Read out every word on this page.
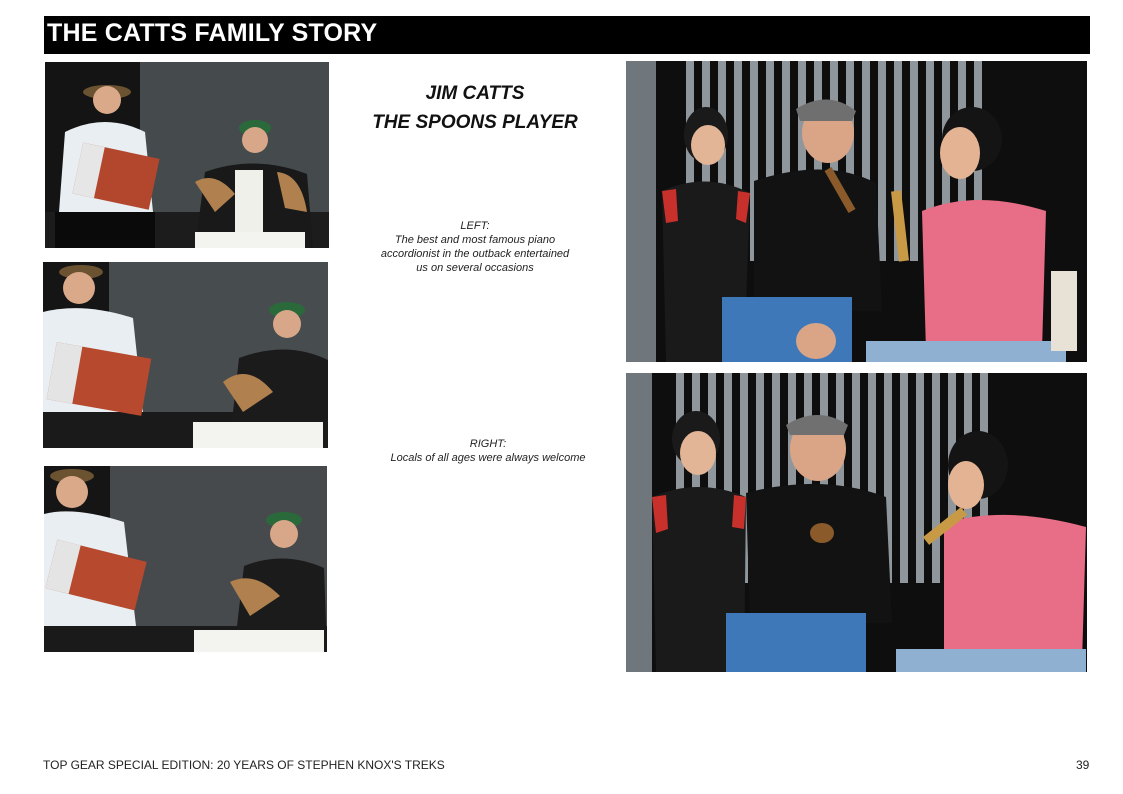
THE CATTS FAMILY STORY
JIM CATTS
THE SPOONS PLAYER
LEFT:
The best and most famous piano
accordionist in the outback entertained
us on several occasions
RIGHT:
Locals of all ages were always welcome
TOP GEAR SPECIAL EDITION: 20 YEARS OF STEPHEN KNOX'S TREKS	39
